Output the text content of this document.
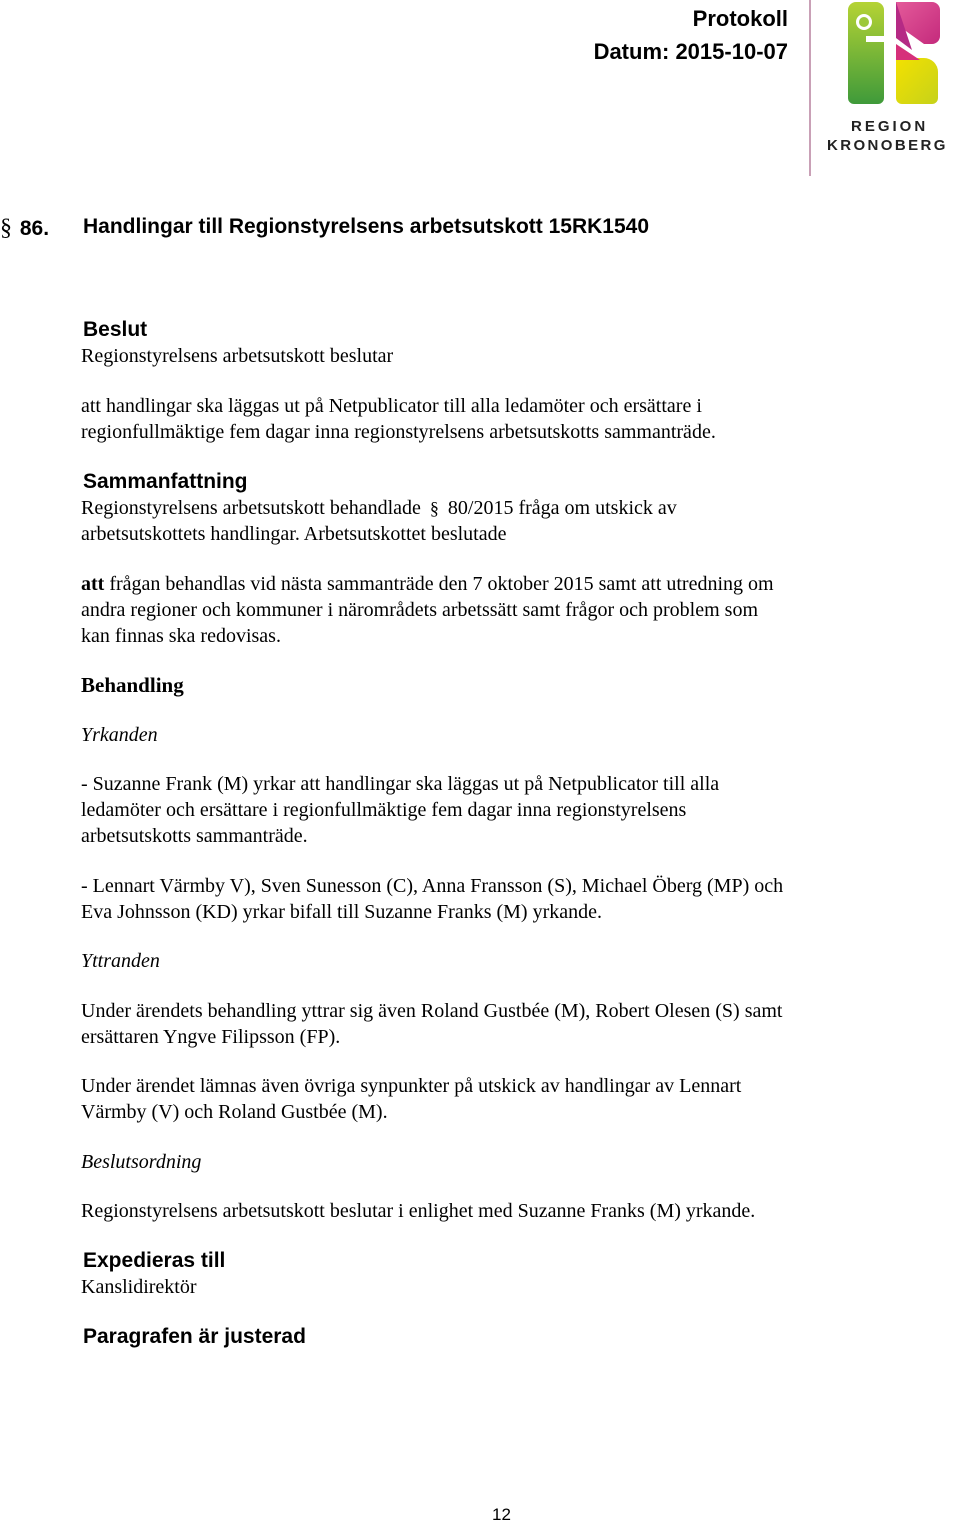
Protokoll
Datum: 2015-10-07
REGION
KRONOBERG
§ 86. Handlingar till Regionstyrelsens arbetsutskott 15RK1540
Beslut
Regionstyrelsens arbetsutskott beslutar
att handlingar ska läggas ut på Netpublicator till alla ledamöter och ersättare i
regionfullmäktige fem dagar inna regionstyrelsens arbetsutskotts sammanträde.
Sammanfattning
Regionstyrelsens arbetsutskott behandlade § 80/2015 fråga om utskick av
arbetsutskottets handlingar. Arbetsutskottet beslutade
att frågan behandlas vid nästa sammanträde den 7 oktober 2015 samt att utredning om
andra regioner och kommuner i närområdets arbetssätt samt frågor och problem som
kan finnas ska redovisas.
Behandling
Yrkanden
- Suzanne Frank (M) yrkar att handlingar ska läggas ut på Netpublicator till alla
ledamöter och ersättare i regionfullmäktige fem dagar inna regionstyrelsens
arbetsutskotts sammanträde.
- Lennart Värmby V), Sven Sunesson (C), Anna Fransson (S), Michael Öberg (MP) och
Eva Johnsson (KD) yrkar bifall till Suzanne Franks (M) yrkande.
Yttranden
Under ärendets behandling yttrar sig även Roland Gustbée (M), Robert Olesen (S) samt
ersättaren Yngve Filipsson (FP).
Under ärendet lämnas även övriga synpunkter på utskick av handlingar av Lennart
Värmby (V) och Roland Gustbée (M).
Beslutsordning
Regionstyrelsens arbetsutskott beslutar i enlighet med Suzanne Franks (M) yrkande.
Expedieras till
Kanslidirektör
Paragrafen är justerad
12
